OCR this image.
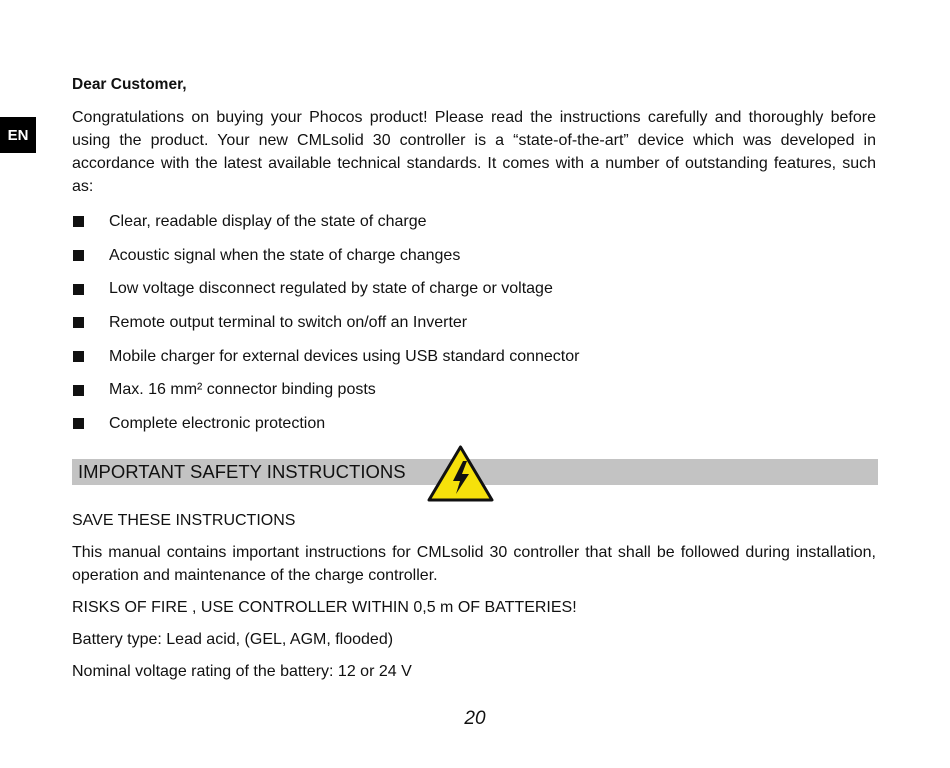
EN

Dear Customer,

Congratulations on buying your Phocos product! Please read the instructions carefully and thoroughly before using the product. Your new CMLsolid 30 controller is a “state-of-the-art” device which was developed in accordance with the latest available technical standards. It comes with a number of outstanding features, such as:

Clear, readable display of the state of charge
Acoustic signal when the state of charge changes
Low voltage disconnect regulated by state of charge or voltage
Remote output terminal to switch on/off an Inverter
Mobile charger for external devices using USB standard connector
Max. 16 mm² connector binding posts
Complete electronic protection
IMPORTANT SAFETY INSTRUCTIONS

SAVE THESE INSTRUCTIONS

This manual contains important instructions for CMLsolid 30 controller that shall be followed during installation, operation and maintenance of the charge controller.

RISKS OF FIRE , USE CONTROLLER WITHIN 0,5 m OF BATTERIES!

Battery type: Lead acid, (GEL, AGM, flooded)

Nominal voltage rating of the battery: 12 or 24 V

20
